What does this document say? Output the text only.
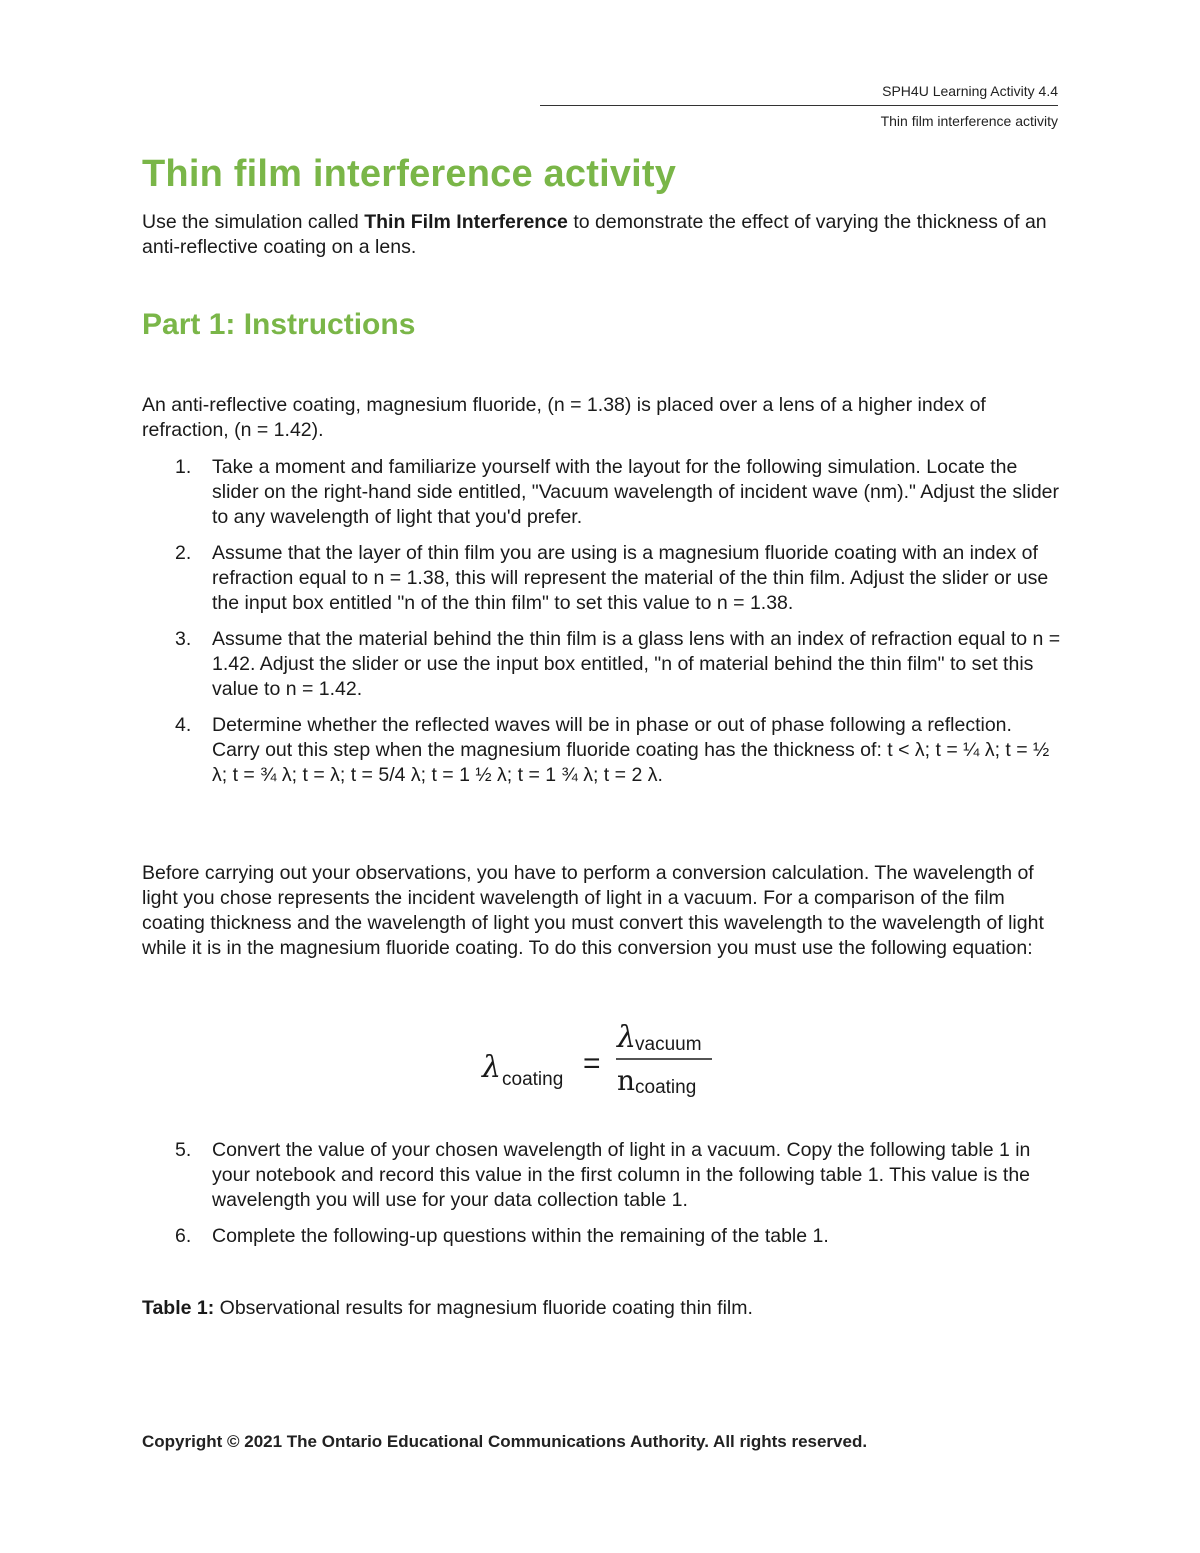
SPH4U Learning Activity 4.4
Thin film interference activity
Thin film interference activity
Use the simulation called Thin Film Interference to demonstrate the effect of varying the thickness of an anti-reflective coating on a lens.
Part 1: Instructions
An anti-reflective coating, magnesium fluoride, (n = 1.38) is placed over a lens of a higher index of refraction, (n = 1.42).
1. Take a moment and familiarize yourself with the layout for the following simulation. Locate the slider on the right-hand side entitled, "Vacuum wavelength of incident wave (nm)." Adjust the slider to any wavelength of light that you'd prefer.
2. Assume that the layer of thin film you are using is a magnesium fluoride coating with an index of refraction equal to n = 1.38, this will represent the material of the thin film. Adjust the slider or use the input box entitled "n of the thin film" to set this value to n = 1.38.
3. Assume that the material behind the thin film is a glass lens with an index of refraction equal to n = 1.42. Adjust the slider or use the input box entitled, "n of material behind the thin film" to set this value to n = 1.42.
4. Determine whether the reflected waves will be in phase or out of phase following a reflection. Carry out this step when the magnesium fluoride coating has the thickness of: t < λ; t = ¼ λ; t = ½ λ; t = ¾ λ; t = λ; t = 5/4 λ; t = 1 ½ λ; t = 1 ¾ λ; t = 2 λ.
Before carrying out your observations, you have to perform a conversion calculation. The wavelength of light you chose represents the incident wavelength of light in a vacuum. For a comparison of the film coating thickness and the wavelength of light you must convert this wavelength to the wavelength of light while it is in the magnesium fluoride coating. To do this conversion you must use the following equation:
λ coating =
λ
vacuum
n coating
5. Convert the value of your chosen wavelength of light in a vacuum. Copy the following table 1 in your notebook and record this value in the first column in the following table 1. This value is the wavelength you will use for your data collection table 1.
6. Complete the following-up questions within the remaining of the table 1.
Table 1: Observational results for magnesium fluoride coating thin film.
Copyright © 2021 The Ontario Educational Communications Authority. All rights reserved.
